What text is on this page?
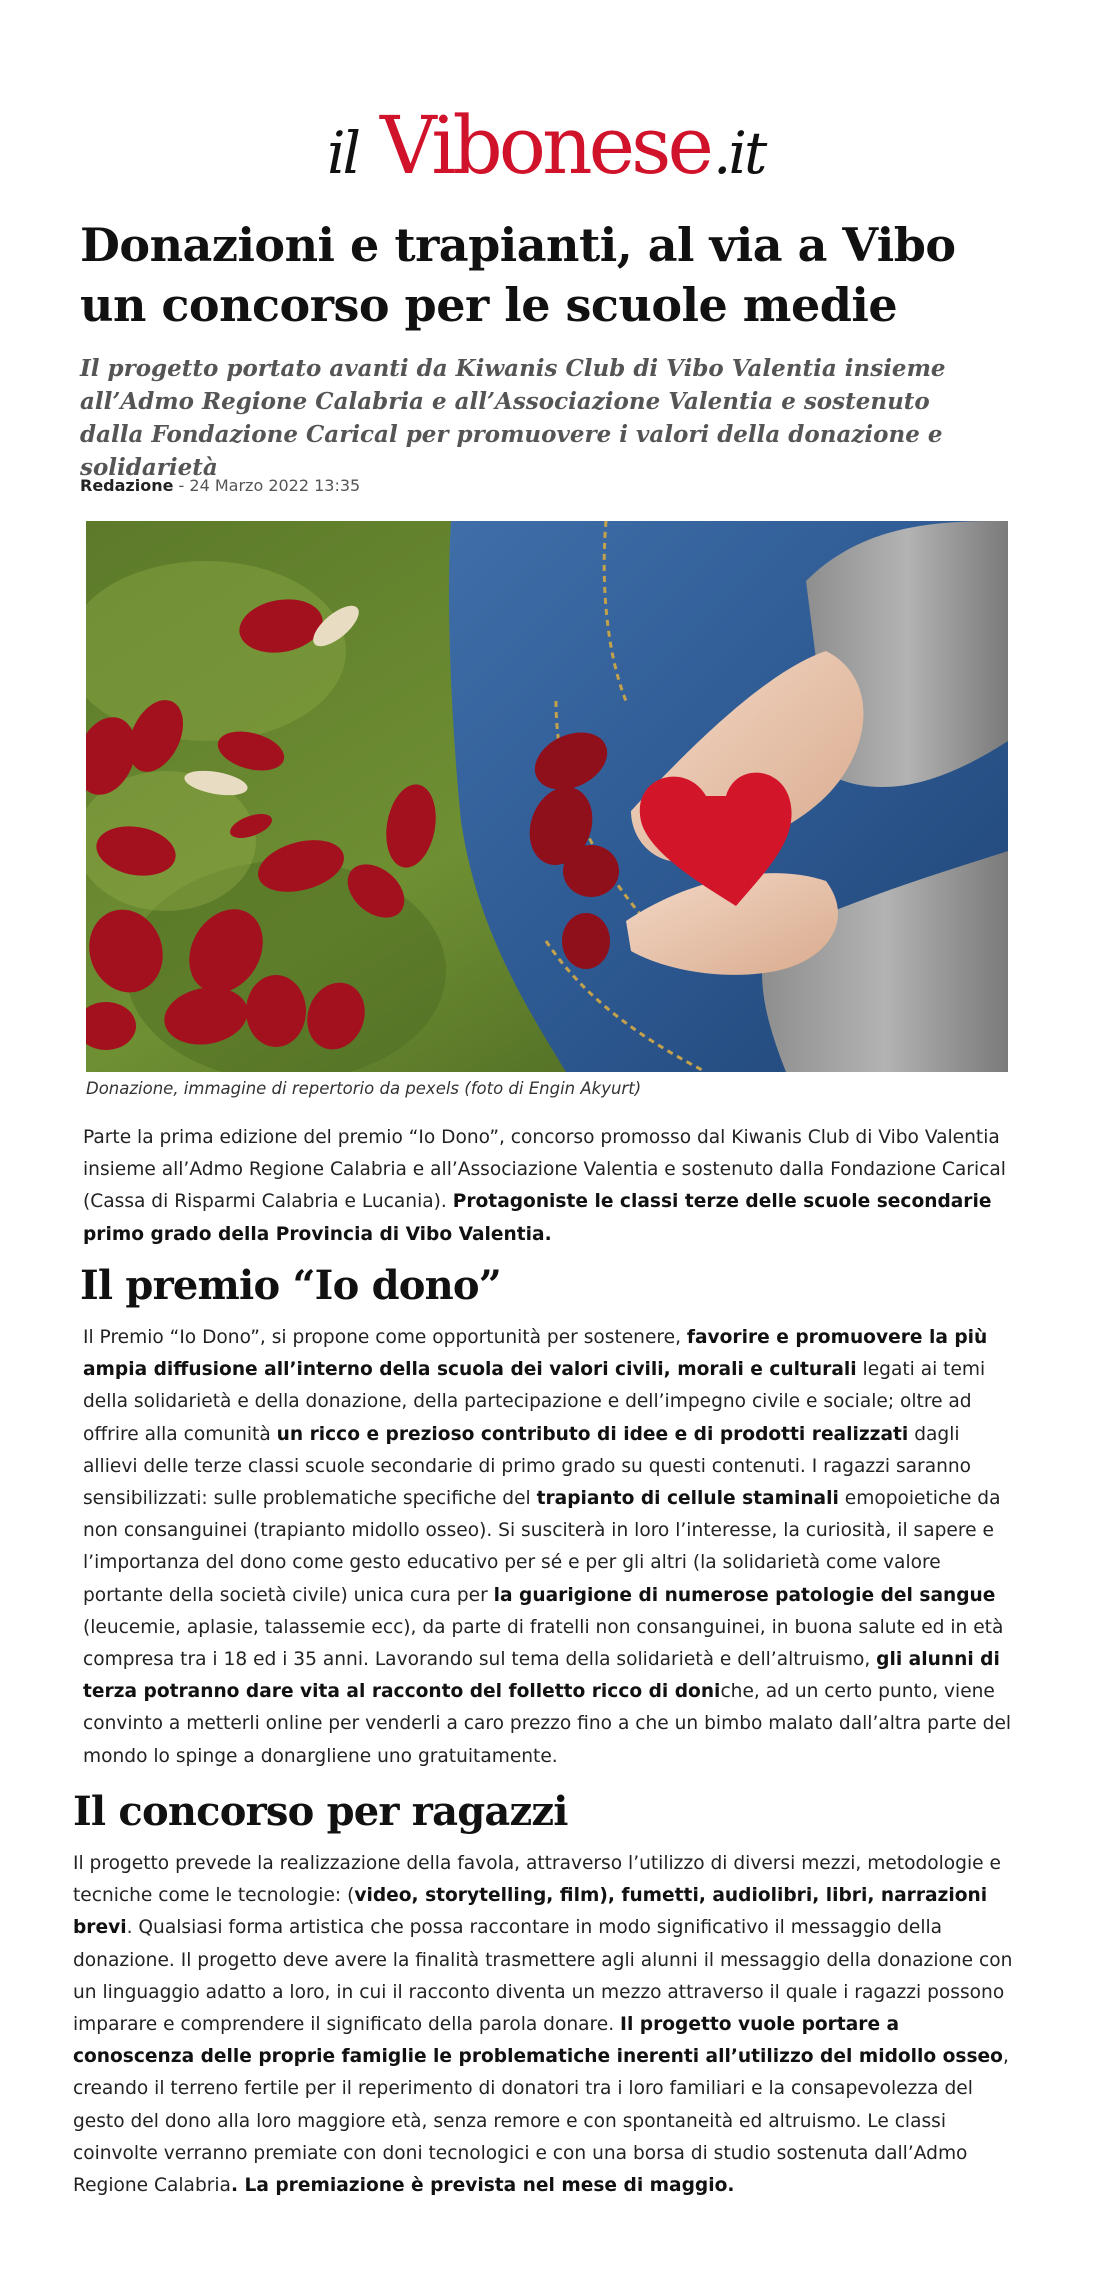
il Vibonese .it
Donazioni e trapianti, al via a Vibo un concorso per le scuole medie
Il progetto portato avanti da Kiwanis Club di Vibo Valentia insieme all’Admo Regione Calabria e all’Associazione Valentia e sostenuto dalla Fondazione Carical per promuovere i valori della donazione e solidarietà
Redazione - 24 Marzo 2022 13:35
Donazione, immagine di repertorio da pexels (foto di Engin Akyurt)

Parte la prima edizione del premio “Io Dono”, concorso promosso dal Kiwanis Club di Vibo Valentia insieme all’Admo Regione Calabria e all’Associazione Valentia e sostenuto dalla Fondazione Carical (Cassa di Risparmi Calabria e Lucania). Protagoniste le classi terze delle scuole secondarie primo grado della Provincia di Vibo Valentia.

Il premio “Io dono”

Il Premio “Io Dono”, si propone come opportunità per sostenere, favorire e promuovere la più ampia diffusione all’interno della scuola dei valori civili, morali e culturali legati ai temi della solidarietà e della donazione, della partecipazione e dell’impegno civile e sociale; oltre ad offrire alla comunità un ricco e prezioso contributo di idee e di prodotti realizzati dagli allievi delle terze classi scuole secondarie di primo grado su questi contenuti. I ragazzi saranno sensibilizzati: sulle problematiche specifiche del trapianto di cellule staminali emopoietiche da non consanguinei (trapianto midollo osseo). Si susciterà in loro l’interesse, la curiosità, il sapere e l’importanza del dono come gesto educativo per sé e per gli altri (la solidarietà come valore portante della società civile) unica cura per la guarigione di numerose patologie del sangue (leucemie, aplasie, talassemie ecc), da parte di fratelli non consanguinei, in buona salute ed in età compresa tra i 18 ed i 35 anni. Lavorando sul tema della solidarietà e dell’altruismo, gli alunni di terza potranno dare vita al racconto del folletto ricco di doniche, ad un certo punto, viene convinto a metterli online per venderli a caro prezzo fino a che un bimbo malato dall’altra parte del mondo lo spinge a donargliene uno gratuitamente.

Il concorso per ragazzi

Il progetto prevede la realizzazione della favola, attraverso l’utilizzo di diversi mezzi, metodologie e tecniche come le tecnologie: (video, storytelling, film), fumetti, audiolibri, libri, narrazioni brevi. Qualsiasi forma artistica che possa raccontare in modo significativo il messaggio della donazione. Il progetto deve avere la finalità trasmettere agli alunni il messaggio della donazione con un linguaggio adatto a loro, in cui il racconto diventa un mezzo attraverso il quale i ragazzi possono imparare e comprendere il significato della parola donare. Il progetto vuole portare a conoscenza delle proprie famiglie le problematiche inerenti all’utilizzo del midollo osseo, creando il terreno fertile per il reperimento di donatori tra i loro familiari e la consapevolezza del gesto del dono alla loro maggiore età, senza remore e con spontaneità ed altruismo. Le classi coinvolte verranno premiate con doni tecnologici e con una borsa di studio sostenuta dall’Admo Regione Calabria. La premiazione è prevista nel mese di maggio.
